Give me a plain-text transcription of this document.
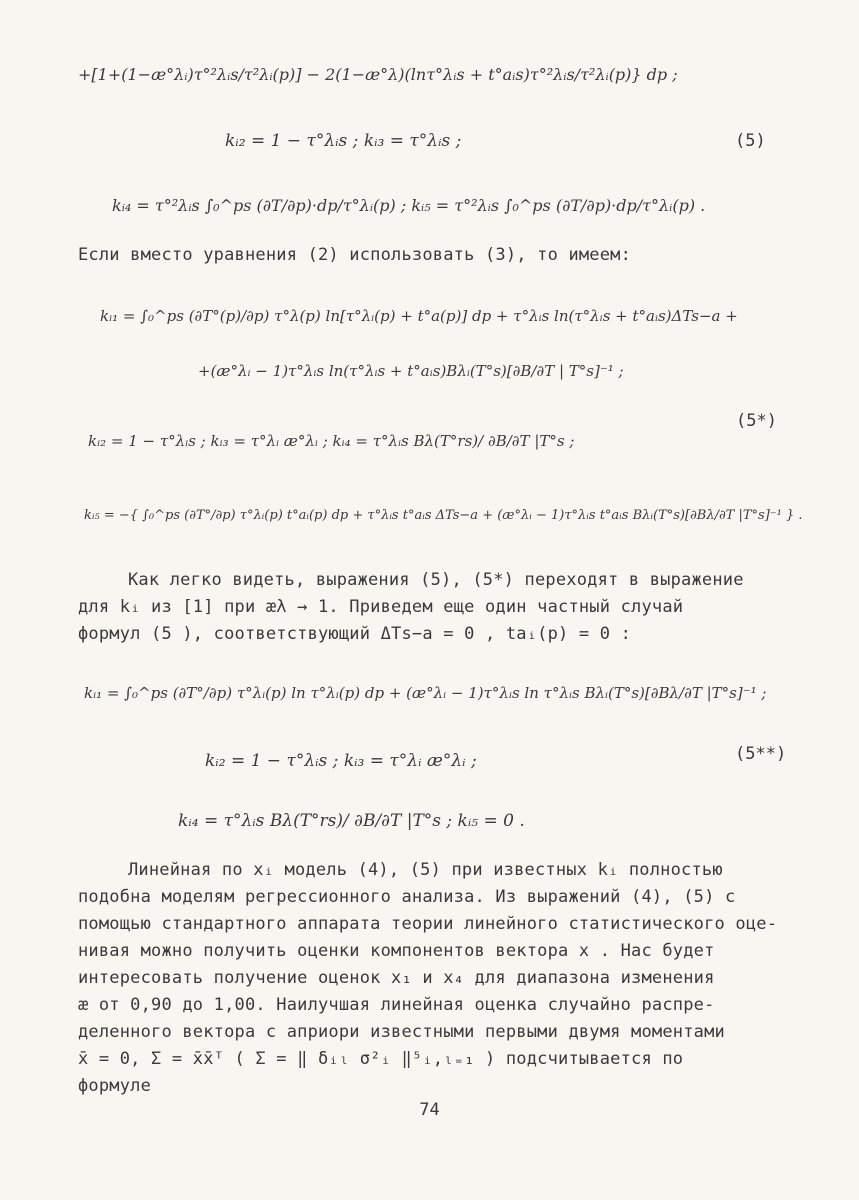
+[1+(1−æ°λᵢ)τ°²λᵢs/τ²λᵢ(p)] − 2(1−æ°λ)(lnτ°λᵢs + t°aᵢs)τ°²λᵢs/τ²λᵢ(p)} dp ;
kᵢ₂ = 1 − τ°λᵢs ; kᵢ₃ = τ°λᵢs ;	(5)
kᵢ₄ = τ°²λᵢs ∫₀^ps (∂T/∂p)·dp/τ°λᵢ(p) ; kᵢ₅ = τ°²λᵢs ∫₀^ps (∂T/∂p)·dp/τ°λᵢ(p) .
Если вместо уравнения (2) использовать (3), то имеем:
kᵢ₁ = ∫₀^ps (∂T°(p)/∂p) τ°λ(p) ln[τ°λᵢ(p) + t°a(p)] dp + τ°λᵢs ln(τ°λᵢs + t°aᵢs)ΔTs−a +
+(æ°λᵢ − 1)τ°λᵢs ln(τ°λᵢs + t°aᵢs)Bλᵢ(T°s)[∂B/∂T | T°s]⁻¹ ;
kᵢ₂ = 1 − τ°λᵢs ; kᵢ₃ = τ°λᵢ æ°λᵢ ; kᵢ₄ = τ°λᵢs Bλ(T°rs)/ ∂B/∂T |T°s ;
(5*)
kᵢ₅ = −{ ∫₀^ps (∂T°/∂p) τ°λᵢ(p) t°aᵢ(p) dp + τ°λᵢs t°aᵢs ΔTs−a + (æ°λᵢ − 1)τ°λᵢs t°aᵢs Bλᵢ(T°s)[∂Bλ/∂T |T°s]⁻¹ } .
Как легко видеть, выражения (5), (5*) переходят в выражение
для kᵢ из [1] при æλ → 1. Приведем еще один частный случай
формул (5 ), соответствующий ΔTs−a = 0 , taᵢ(p) = 0 :
kᵢ₁ = ∫₀^ps (∂T°/∂p) τ°λᵢ(p) ln τ°λᵢ(p) dp + (æ°λᵢ − 1)τ°λᵢs ln τ°λᵢs Bλᵢ(T°s)[∂Bλ/∂T |T°s]⁻¹ ;
kᵢ₂ = 1 − τ°λᵢs ; kᵢ₃ = τ°λᵢ æ°λᵢ ;	(5**)
kᵢ₄ = τ°λᵢs Bλ(T°rs)/ ∂B/∂T |T°s ; kᵢ₅ = 0 .
Линейная по xᵢ модель (4), (5) при известных kᵢ полностью
подобна моделям регрессионного анализа. Из выражений (4), (5) с
помощью стандартного аппарата теории линейного статистического оце-
нивая можно получить оценки компонентов вектора x . Нас будет
интересовать получение оценок x₁ и x₄ для диапазона изменения
æ от 0,90 до 1,00. Наилучшая линейная оценка случайно распре-
деленного вектора с априори известными первыми двумя моментами
x̄ = 0, Σ = x̄x̄ᵀ ( Σ = ‖ δᵢₗ σ²ᵢ ‖⁵ᵢ,ₗ₌₁ ) подсчитывается по
формуле
74
